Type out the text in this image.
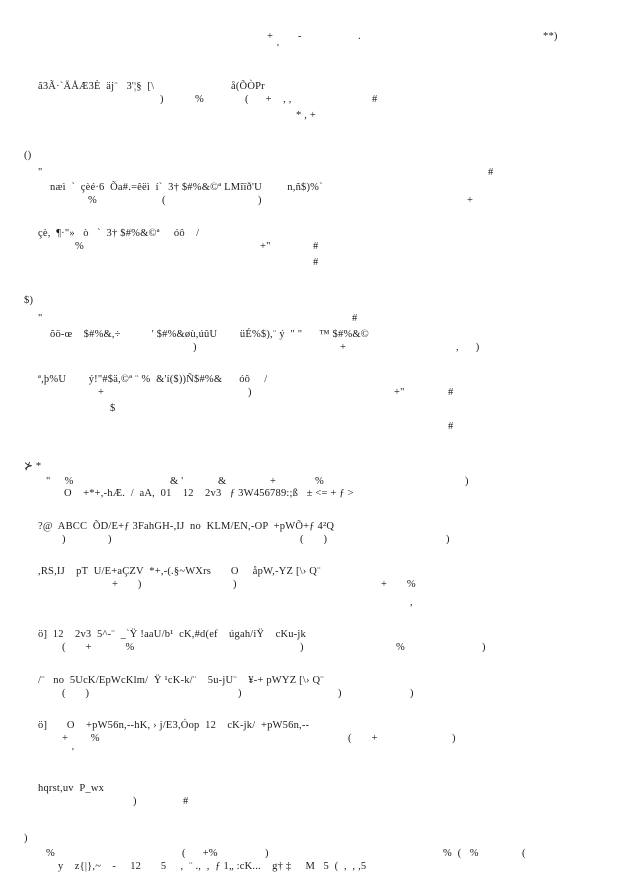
+ -	.	**)
'
ã3Ã·`ÄÅÆ3È  äj¨   3'¦§  [\	å(ÕÒPr
)	%	(      +    , ,	#
* , +
()
"	#
næì  `  çèé·6  Õa#.=êëì  í`  3† $#%&©ª LMîïð'U         n,ñ$)%`
%	(	)	+
çè,  ¶·"»   ò   `  3† $#%&©ª     óô    /
%	+"	#
#
$)
"	#
õö-œ    $#%&,÷           ' $#%&øù,úûU        üÉ%$),¨ ý  " "      ™ $#%&©
)	+	,      )
ª,þ%U        ý!"#$ä,©ª ¨ %  &'í($))Ñ$#%&      óô     /
+	)	+"	#
$
#
⊁ *
"     %	& '	&	+	%	)
O    +*+,-hÆ.  /  aA,  01    12    2v3   ƒ 3W456789:;ß   ± <= + ƒ >
?@  ABCC  ÕD/E+ƒ 3FahGH-,IJ  no  KLM/EN,-OP  +pWÕ+ƒ 4²Q
)	)	(       )	)
,RS,IJ    pT  U/E+aÇZV  *+,-(.§~WXrs       O     åpW,-YZ [\› Q¨
+       )	)	+       %
,
ö]  12    2v3  5^-¨  _`Ÿ !aaU/b¹  cK,#d(ef    úgah/iŸ    cKu-jk
(       +            %	)	%	)
/¨   no  5UcK/EpWcKlm/  Ÿ ¹cK-k/¨    5u-jU¨    ¥-+ pWYZ [\› Q¨
(       )	)	)	)
ö]       O    +pW56n,--hK, › j/E3,Óop  12    cK-jk/  +pW56n,--
+        %
'
(       +	)
hqrst,uv  P_wx
)	#
)
%	(      +%	)	%  (   %	(
y    z{|},~    -     12       5     ,  ¨ .,  ,  ƒ 1„ :cK...    g† ‡     M   5  (  ,  , ,5
